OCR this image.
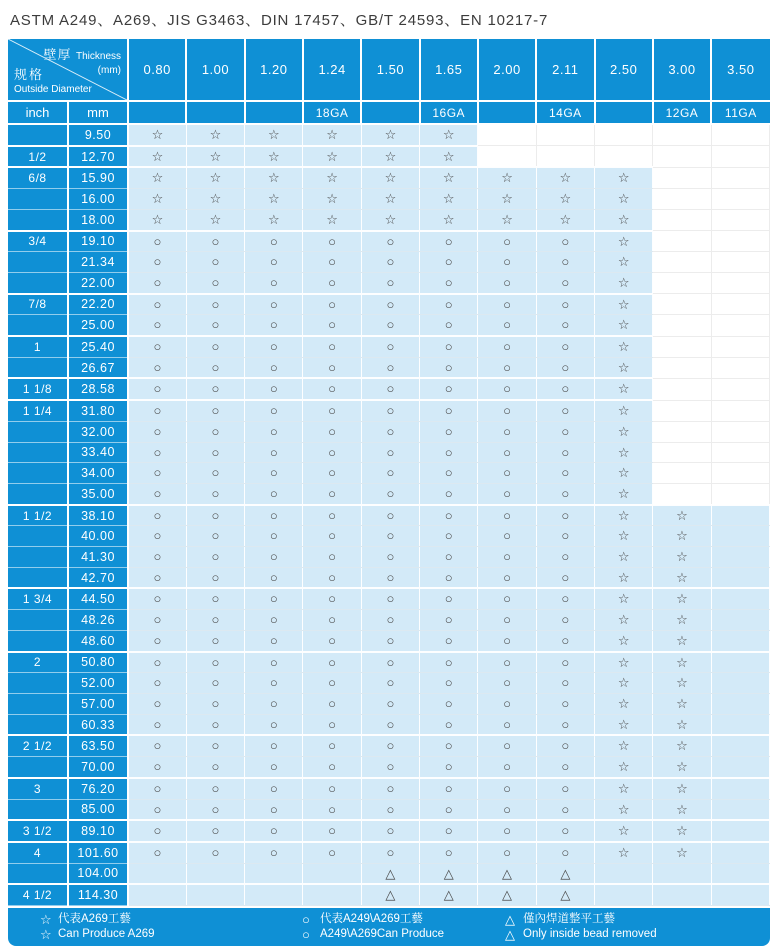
ASTM A249、A269、JIS G3463、DIN 17457、GB/T 24593、EN 10217-7
壁厚 Thickness
(mm)
规格
Outside Diameter		0.80	1.00	1.20	1.24	1.50	1.65	2.00	2.11	2.50	3.00	3.50
inch	mm				18GA		16GA		14GA		12GA	11GA
	9.50	☆	☆	☆	☆	☆	☆					
1/2	12.70	☆	☆	☆	☆	☆	☆					
6/8	15.90	☆	☆	☆	☆	☆	☆	☆	☆	☆		
	16.00	☆	☆	☆	☆	☆	☆	☆	☆	☆		
	18.00	☆	☆	☆	☆	☆	☆	☆	☆	☆		
3/4	19.10	○	○	○	○	○	○	○	○	☆		
	21.34	○	○	○	○	○	○	○	○	☆		
	22.00	○	○	○	○	○	○	○	○	☆		
7/8	22.20	○	○	○	○	○	○	○	○	☆		
	25.00	○	○	○	○	○	○	○	○	☆		
1	25.40	○	○	○	○	○	○	○	○	☆		
	26.67	○	○	○	○	○	○	○	○	☆		
1 1/8	28.58	○	○	○	○	○	○	○	○	☆		
1 1/4	31.80	○	○	○	○	○	○	○	○	☆		
	32.00	○	○	○	○	○	○	○	○	☆		
	33.40	○	○	○	○	○	○	○	○	☆		
	34.00	○	○	○	○	○	○	○	○	☆		
	35.00	○	○	○	○	○	○	○	○	☆		
1 1/2	38.10	○	○	○	○	○	○	○	○	☆	☆	
	40.00	○	○	○	○	○	○	○	○	☆	☆	
	41.30	○	○	○	○	○	○	○	○	☆	☆	
	42.70	○	○	○	○	○	○	○	○	☆	☆	
1 3/4	44.50	○	○	○	○	○	○	○	○	☆	☆	
	48.26	○	○	○	○	○	○	○	○	☆	☆	
	48.60	○	○	○	○	○	○	○	○	☆	☆	
2	50.80	○	○	○	○	○	○	○	○	☆	☆	
	52.00	○	○	○	○	○	○	○	○	☆	☆	
	57.00	○	○	○	○	○	○	○	○	☆	☆	
	60.33	○	○	○	○	○	○	○	○	☆	☆	
2 1/2	63.50	○	○	○	○	○	○	○	○	☆	☆	
	70.00	○	○	○	○	○	○	○	○	☆	☆	
3	76.20	○	○	○	○	○	○	○	○	☆	☆	
	85.00	○	○	○	○	○	○	○	○	☆	☆	
3 1/2	89.10	○	○	○	○	○	○	○	○	☆	☆	
4	101.60	○	○	○	○	○	○	○	○	☆	☆	
	104.00					△	△	△	△			
4 1/2	114.30					△	△	△	△			
☆ 代表A269工藝
☆ Can Produce A269
○ 代表A249\A269工藝
○ A249\A269Can Produce
△ 僅內焊道整平工藝
△ Only inside bead removed
